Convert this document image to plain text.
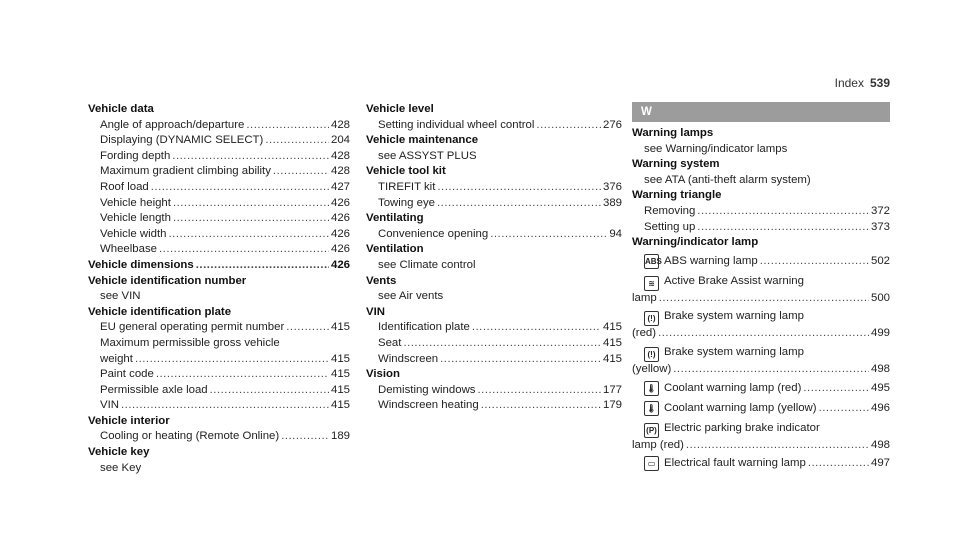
Index 539
Vehicle data
Angle of approach/departure .....	428
Displaying (DYNAMIC SELECT) .....	204
Fording depth .....	428
Maximum gradient climbing ability .....	428
Roof load .....	427
Vehicle height .....	426
Vehicle length .....	426
Vehicle width .....	426
Wheelbase .....	426
Vehicle dimensions .....	426
Vehicle identification number
see VIN
Vehicle identification plate
EU general operating permit number .....	415
Maximum permissible gross vehicle
weight .....	415
Paint code .....	415
Permissible axle load .....	415
VIN .....	415
Vehicle interior
Cooling or heating (Remote Online) .....	189
Vehicle key
see Key
Vehicle level
Setting individual wheel control .....	276
Vehicle maintenance
see ASSYST PLUS
Vehicle tool kit
TIREFIT kit .....	376
Towing eye .....	389
Ventilating
Convenience opening .....	94
Ventilation
see Climate control
Vents
see Air vents
VIN
Identification plate .....	415
Seat .....	415
Windscreen .....	415
Vision
Demisting windows .....	177
Windscreen heating .....	179
W
Warning lamps
see Warning/indicator lamps
Warning system
see ATA (anti-theft alarm system)
Warning triangle
Removing .....	372
Setting up .....	373
Warning/indicator lamp
ABS ABS warning lamp .....	502
≋ Active Brake Assist warning
lamp .....	500
(!) Brake system warning lamp
(red) .....	499
(!) Brake system warning lamp
(yellow) .....	498
🌡 Coolant warning lamp (red) .....	495
🌡 Coolant warning lamp (yellow) .....	496
(P) Electric parking brake indicator
lamp (red) .....	498
▭ Electrical fault warning lamp .....	497
